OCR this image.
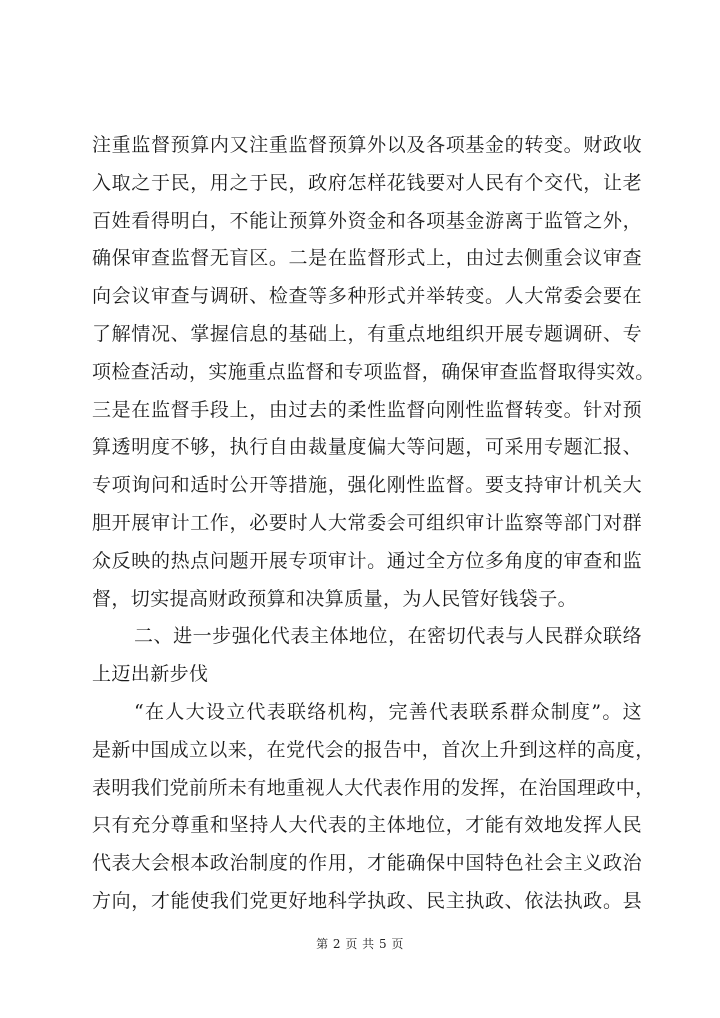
注重监督预算内又注重监督预算外以及各项基金的转变。财政收
入取之于民，用之于民，政府怎样花钱要对人民有个交代，让老
百姓看得明白，不能让预算外资金和各项基金游离于监管之外，
确保审查监督无盲区。二是在监督形式上，由过去侧重会议审查
向会议审查与调研、检查等多种形式并举转变。人大常委会要在
了解情况、掌握信息的基础上，有重点地组织开展专题调研、专
项检查活动，实施重点监督和专项监督，确保审查监督取得实效。
三是在监督手段上，由过去的柔性监督向刚性监督转变。针对预
算透明度不够，执行自由裁量度偏大等问题，可采用专题汇报、
专项询问和适时公开等措施，强化刚性监督。要支持审计机关大
胆开展审计工作，必要时人大常委会可组织审计监察等部门对群
众反映的热点问题开展专项审计。通过全方位多角度的审查和监
督，切实提高财政预算和决算质量，为人民管好钱袋子。
二、进一步强化代表主体地位，在密切代表与人民群众联络
上迈出新步伐
“在人大设立代表联络机构，完善代表联系群众制度”。这
是新中国成立以来，在党代会的报告中，首次上升到这样的高度，
表明我们党前所未有地重视人大代表作用的发挥，在治国理政中，
只有充分尊重和坚持人大代表的主体地位，才能有效地发挥人民
代表大会根本政治制度的作用，才能确保中国特色社会主义政治
方向，才能使我们党更好地科学执政、民主执政、依法执政。县
第 2 页 共 5 页
